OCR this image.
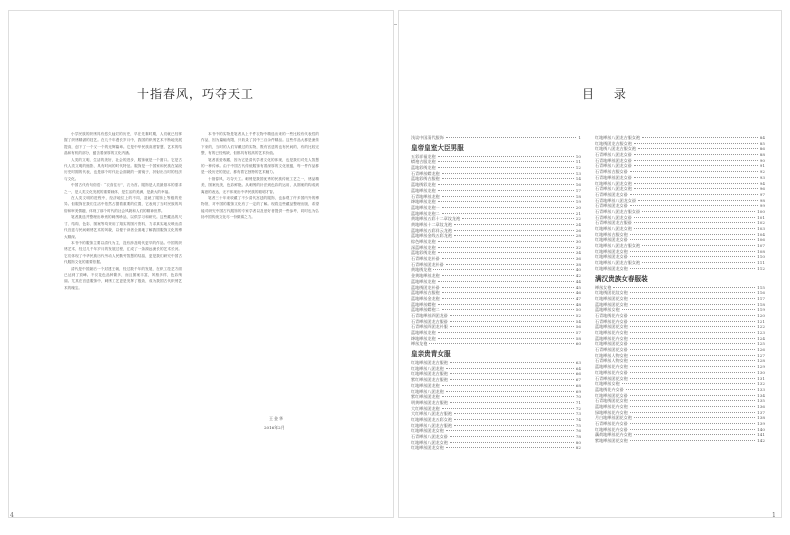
十指春风，巧夺天工

小学民族的织绣具有悠久灿烂的历史，早在先秦时期，人们就已经掌握了织绣精湛的技艺。在几千年漫长岁月中，我国的织绣艺术不断地发展提高，创下了一个又一个的光辉篇章。它是中华民族高度智慧、艺术的结晶和有机的部分，蕴含着深厚的文化内涵。

人类的文明，生活的美好，社会的进步，服饰就是一个窗口。它是古代人类文明的缩影，具有时间的时代特征。服饰是一个国家和民族在某段历史时期的代表，也是那个时代社会面貌的一面镜子，折射出当时的经济与文化。

中国古代有句俗语：“衣食住行”，衣为首。服饰是人类最基本的需求之一，是人类文化发展的重要载体，是生活的美满，是最大的幸福。

在人类文明的进程中，经济地位上的不同，造就了服饰上等级的差异。但服饰在我们生活中依然占据着重要的位置，它表现了当时民族的风俗和审美情趣，体现了那个时代的社会风貌和人们的精神世界。

笔者挑选并整理出珍贵的刺绣珍品，以供学习和研究。这些藏品的尺寸、结构、色彩、图案等均采用了翔实的图片资料，力求真实地反映出清代宫廷与民间刺绣艺术的风貌，以便于读者全面地了解我国服饰文化的博大精深。

本书中的服饰主要以清代为主，没有涉及明代更早的作品。中国的织绣艺术，经过几千年岁月的发展过程，汇成了一条源远流长的艺术长河。它们体现了中华民族历代劳动人民勤劳智慧的结晶，更是我们研究中国古代服饰文化的重要依据。

清代是中国最后一个封建王朝，经过数千年的发展，在织工技艺方面已达到了顶峰。不仅花色品种繁多，而且图案丰富，风格多样，色彩绚丽。尤其在宫廷服饰中，刺绣工艺更是发挥了极致，成为我国古代织绣艺术的瑰宝。

本书中的实物是笔者从上千件衣物中精选出来的一些比较有代表性的作品，因为篇幅有限，只收录了其中三百余件精品。这些作品大都是流传下来的，当时的人们穿戴过的实物，既有宫廷的也有民间的，有的比较完整，有的已经残缺，但都具有较高的艺术价值。

笔者喜爱收藏，因为它是清代学者文化的体现，也是我们对先人智慧的一种传承。由于中国古代传统服饰有着深厚的文化底蕴，每一件作品都是一段历史的见证，都有着它独特的艺术魅力。

十指春风，巧夺天工。刺绣是我国优秀的民族传统工艺之一，绣品精美，图案优美，色彩鲜艳。从刺绣的针法到色彩的运用，从图案的构成到寓意的表达，无不体现出中华民族的聪明才智。

笔者三十年来收藏了不少清代宫廷的服饰，也参观了许多国内外的博物馆，对中国的服饰文化有了一定的了解。现将这些藏品整理出版，希望能对研究中国古代服饰的专家学者以及爱好者提供一些参考，同时也为弘扬中国传统文化尽一份微薄之力。

王金华
2016年2月
目 录
浅谈中国清代服饰	1
皇帝皇室大臣男服
五彩祥福龙袍	10
蟒袍吉服龙袍	11
蓝地彩绣龙袍	12
石青缂丝蟒龙袍	13
蓝地彩绣吉服袍	14
蓝地绣彩龙袍	16
蓝地缂丝龙袍	17
石青地缂丝龙袍	18
绛地缂丝龙袍	19
蓝地缂丝龙袍一	20
蓝地缂丝龙袍二	21
黄地缂丝五彩十二章纹龙袍	22
黄地缂丝十二章纹龙袍	24
蓝地缂丝五彩祥云龙袍	26
蓝地缂丝金线五彩龙袍	28
棕色缂丝龙袍	30
深蓝缂丝龙袍	32
蓝地彩绣龙袍	34
石青缂丝龙补褂	36
石青缂丝团龙补褂	38
黄地绣龙袍	40
金黄地缂丝龙袍	42
蓝地缂丝龙袍	44
蓝地绣团龙补褂	45
蓝地缂丝吉服袍	46
蓝地缂丝金龙袍	47
蓝地缂丝蟒袍	48
蓝地缂丝蟒袍二	50
石青地缂丝四团龙褂	52
石青缂丝团龙吉服褂	54
石青缂丝四团龙补服	56
蓝地缂丝龙袍	57
绛地缂丝龙袍	58
缂丝龙袍	60
皇亲贵胄女服
红地缂丝团龙吉服袍	63
红地缂丝八团龙袍	64
红地缂丝团龙吉服袍	66
紫红缂丝团龙吉服袍	67
红地缂丝团龙袍	68
红地缂丝八团龙袍	69
紫红缂丝团龙袍	70
明黄缂丝团龙吉服袍	71
大红缂丝团龙袍	72
大红缂丝八团龙吉服袍	73
红地缂丝团龙五彩女袍	74
红地缂丝八团龙吉服袍	75
红地缂丝团龙女袍	76
石青缂丝八团龙女褂	78
红地缂丝八团龙女袍	80
红地缂丝团龙女袍	82
红地缂丝八团龙吉服女袍	84
红地绣团龙吉服女袍	85
红地绣八团龙吉服女袍	86
石青缂丝八团龙女褂	88
石青地缂丝团龙女褂	90
石青缂丝八团龙女褂	91
石青缂丝吉服女褂	92
石青地缂丝团龙女褂	93
红地缂丝八团龙女袍	94
石青缂丝八团龙女袍	96
石青缂丝团龙女褂	97
石青地缂丝八团龙女褂	98
石青缂丝团龙女褂	99
石青缂丝八团龙吉服女褂	100
石青缂丝八团龙女褂	101
石青缂丝团龙吉服褂	102
红地缂丝八团龙女袍	103
红地缂丝吉服女袍	104
红地缂丝团龙女褂	106
红地缂丝八团龙吉服女袍	107
红地缂丝团龙女袍	108
红地缂丝团龙女褂	110
红地缂丝八团龙吉服女袍	111
红地缂丝团龙女袍	112
满汉贵族女春服装
缂丝女袍	115
红地绣团花纹女袍	116
红地缂丝团花女袍	117
蓝地缂丝团花女袍	118
蓝地缂丝女袍	119
石青地绣花卉女褂	120
石青缂丝花卉女褂	121
蓝地缂丝团花女袍	122
红地缂丝花卉女袍	123
蓝地缂丝花卉女袍	124
红地缂丝团花女褂	125
石青缂丝团花女褂	126
红地缂丝人物女袍	127
石青缂丝人物女袍	128
蓝地缂丝花卉女袍	129
红地缂丝花卉女褂	130
石青缂丝团花女袍	131
红地缂丝女袍	132
蓝地绣花卉女褂	133
红地缂丝团花女褂	134
石青地绣团花女袍	135
蓝地缂丝花卉女袍	136
绿地缂丝花卉女袍	137
月白地缂丝团花女袍	138
石青缂丝花卉女褂	139
红地缂丝花卉女褂	140
藕荷地缂丝花卉女袍	141
紫地缂丝团花女袍	142
4	1
